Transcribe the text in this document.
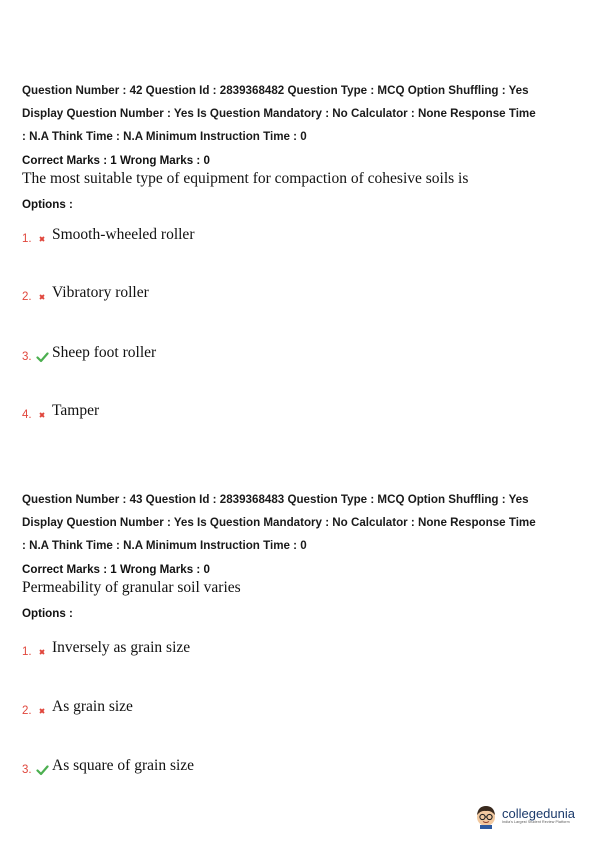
Question Number : 42 Question Id : 2839368482 Question Type : MCQ Option Shuffling : Yes

Display Question Number : Yes Is Question Mandatory : No Calculator : None Response Time

: N.A Think Time : N.A Minimum Instruction Time : 0

Correct Marks : 1 Wrong Marks : 0
The most suitable type of equipment for compaction of cohesive soils is
Options :
1. Smooth-wheeled roller
2. Vibratory roller
3. Sheep foot roller
4. Tamper

Question Number : 43 Question Id : 2839368483 Question Type : MCQ Option Shuffling : Yes

Display Question Number : Yes Is Question Mandatory : No Calculator : None Response Time

: N.A Think Time : N.A Minimum Instruction Time : 0

Correct Marks : 1 Wrong Marks : 0
Permeability of granular soil varies
Options :
1. Inversely as grain size
2. As grain size
3. As square of grain size
collegedunia
India's Largest Student Review Platform
